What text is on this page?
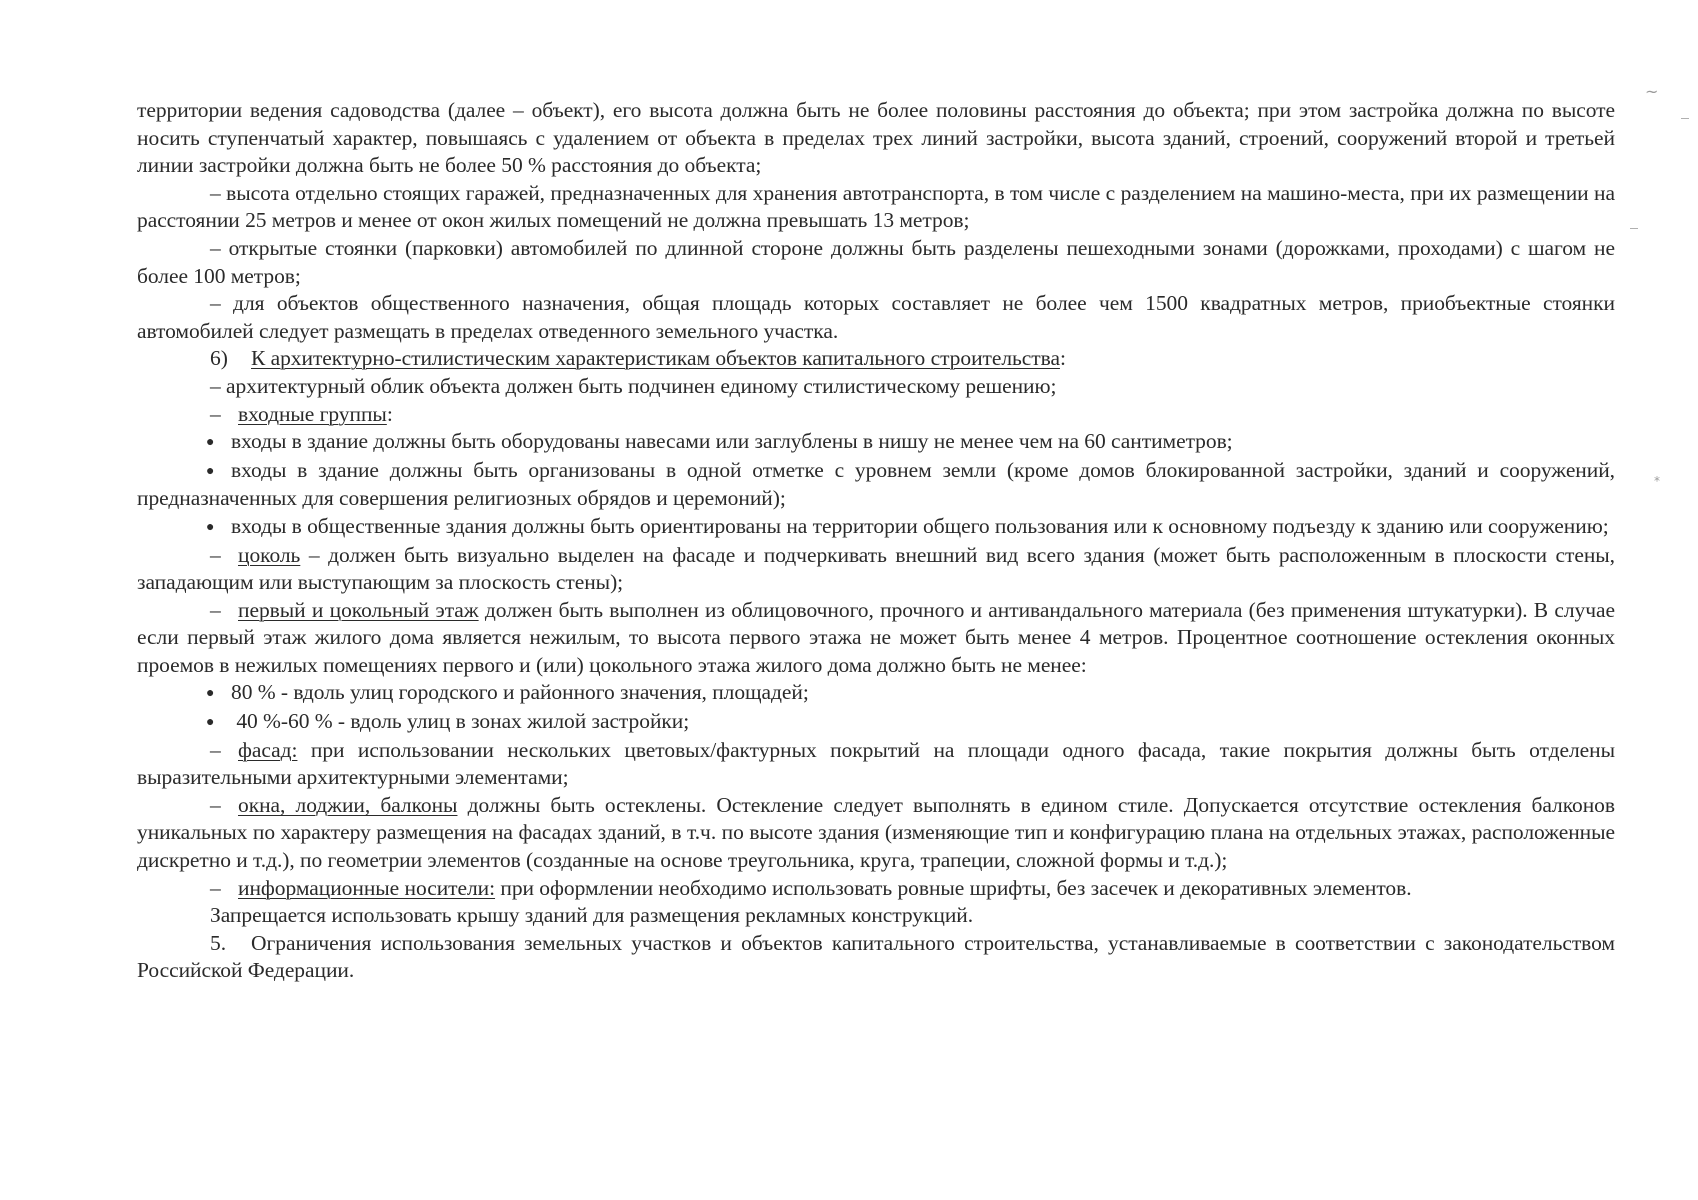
территории ведения садоводства (далее – объект), его высота должна быть не более половины расстояния до объекта; при этом застройка должна по высоте носить ступенчатый характер, повышаясь с удалением от объекта в пределах трех линий застройки, высота зданий, строений, сооружений второй и третьей линии застройки должна быть не более 50 % расстояния до объекта;

– высота отдельно стоящих гаражей, предназначенных для хранения автотранспорта, в том числе с разделением на машино-места, при их размещении на расстоянии 25 метров и менее от окон жилых помещений не должна превышать 13 метров;

– открытые стоянки (парковки) автомобилей по длинной стороне должны быть разделены пешеходными зонами (дорожками, проходами) с шагом не более 100 метров;

– для объектов общественного назначения, общая площадь которых составляет не более чем 1500 квадратных метров, приобъектные стоянки автомобилей следует размещать в пределах отведенного земельного участка.

6) К архитектурно-стилистическим характеристикам объектов капитального строительства:

– архитектурный облик объекта должен быть подчинен единому стилистическому решению;

– входные группы:

● входы в здание должны быть оборудованы навесами или заглублены в нишу не менее чем на 60 сантиметров;

● входы в здание должны быть организованы в одной отметке с уровнем земли (кроме домов блокированной застройки, зданий и сооружений, предназначенных для совершения религиозных обрядов и церемоний);

● входы в общественные здания должны быть ориентированы на территории общего пользования или к основному подъезду к зданию или сооружению;

– цоколь – должен быть визуально выделен на фасаде и подчеркивать внешний вид всего здания (может быть расположенным в плоскости стены, западающим или выступающим за плоскость стены);

– первый и цокольный этаж должен быть выполнен из облицовочного, прочного и антивандального материала (без применения штукатурки). В случае если первый этаж жилого дома является нежилым, то высота первого этажа не может быть менее 4 метров. Процентное соотношение остекления оконных проемов в нежилых помещениях первого и (или) цокольного этажа жилого дома должно быть не менее:

● 80 % - вдоль улиц городского и районного значения, площадей;

● 40 %-60 % - вдоль улиц в зонах жилой застройки;

– фасад: при использовании нескольких цветовых/фактурных покрытий на площади одного фасада, такие покрытия должны быть отделены выразительными архитектурными элементами;

– окна, лоджии, балконы должны быть остеклены. Остекление следует выполнять в едином стиле. Допускается отсутствие остекления балконов уникальных по характеру размещения на фасадах зданий, в т.ч. по высоте здания (изменяющие тип и конфигурацию плана на отдельных этажах, расположенные дискретно и т.д.), по геометрии элементов (созданные на основе треугольника, круга, трапеции, сложной формы и т.д.);

– информационные носители: при оформлении необходимо использовать ровные шрифты, без засечек и декоративных элементов.

Запрещается использовать крышу зданий для размещения рекламных конструкций.

5. Ограничения использования земельных участков и объектов капитального строительства, устанавливаемые в соответствии с законодательством Российской Федерации.

~
*
